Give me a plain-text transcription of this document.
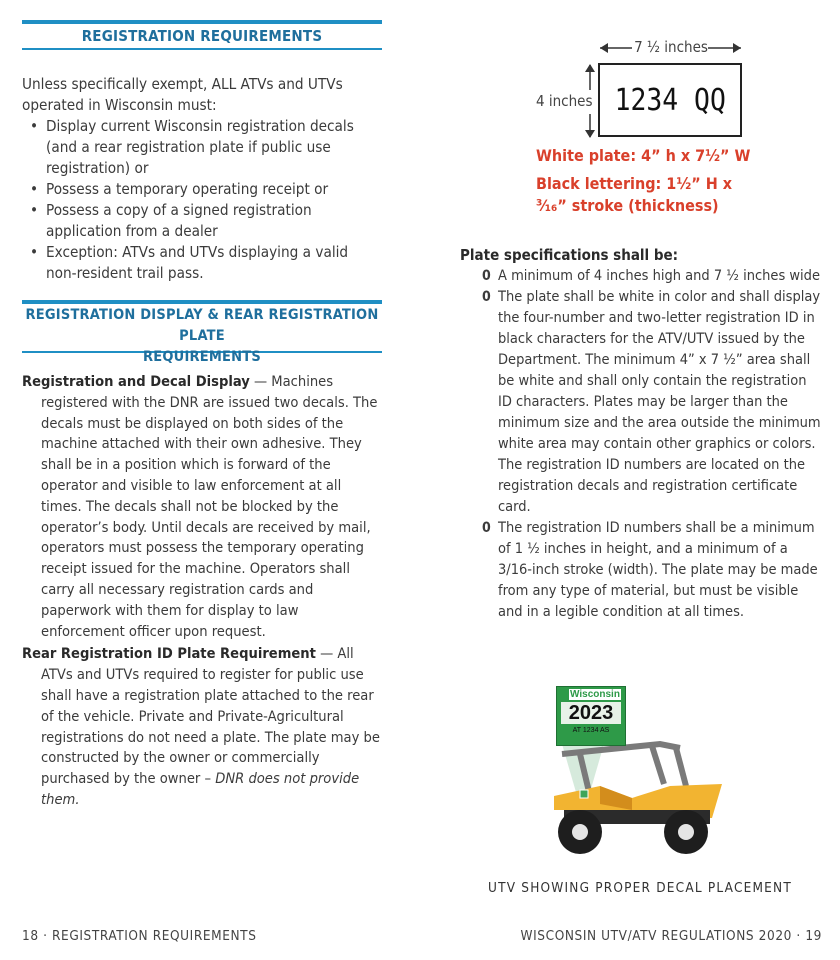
REGISTRATION REQUIREMENTS
Unless specifically exempt, ALL ATVs and UTVs operated in Wisconsin must:
• Display current Wisconsin registration decals (and a rear registration plate if public use registration) or
• Possess a temporary operating receipt or
• Possess a copy of a signed registration application from a dealer
• Exception: ATVs and UTVs displaying a valid non-resident trail pass.
REGISTRATION DISPLAY & REAR REGISTRATION PLATE
REQUIREMENTS

Registration and Decal Display — Machines registered with the DNR are issued two decals. The decals must be displayed on both sides of the machine attached with their own adhesive. They shall be in a position which is forward of the operator and visible to law enforcement at all times. The decals shall not be blocked by the operator’s body. Until decals are received by mail, operators must possess the temporary operating receipt issued for the machine. Operators shall carry all necessary registration cards and paperwork with them for display to law enforcement officer upon request.

Rear Registration ID Plate Requirement — All ATVs and UTVs required to register for public use shall have a registration plate attached to the rear of the vehicle. Private and Private-Agricultural registrations do not need a plate. The plate may be constructed by the owner or commercially purchased by the owner – DNR does not provide them.

7 ½ inches
4 inches 1234 QQ
White plate: 4” h x 7½” W
Black lettering: 1½” H x
³⁄₁₆” stroke (thickness)
Plate specifications shall be:
0 A minimum of 4 inches high and 7 ½ inches wide
0 The plate shall be white in color and shall display the four-number and two-letter registration ID in black characters for the ATV/UTV issued by the Department. The minimum 4” x 7 ½” area shall be white and shall only contain the registration ID characters. Plates may be larger than the minimum size and the area outside the minimum white area may contain other graphics or colors. The registration ID numbers are located on the registration decals and registration certificate card.
0 The registration ID numbers shall be a minimum of 1 ½ inches in height, and a minimum of a 3/16-inch stroke (width). The plate may be made from any type of material, but must be visible and in a legible condition at all times.
Wisconsin
2023
AT 1234 AS
UTV SHOWING PROPER DECAL PLACEMENT
18 · REGISTRATION REQUIREMENTS	WISCONSIN UTV/ATV REGULATIONS 2020 · 19
